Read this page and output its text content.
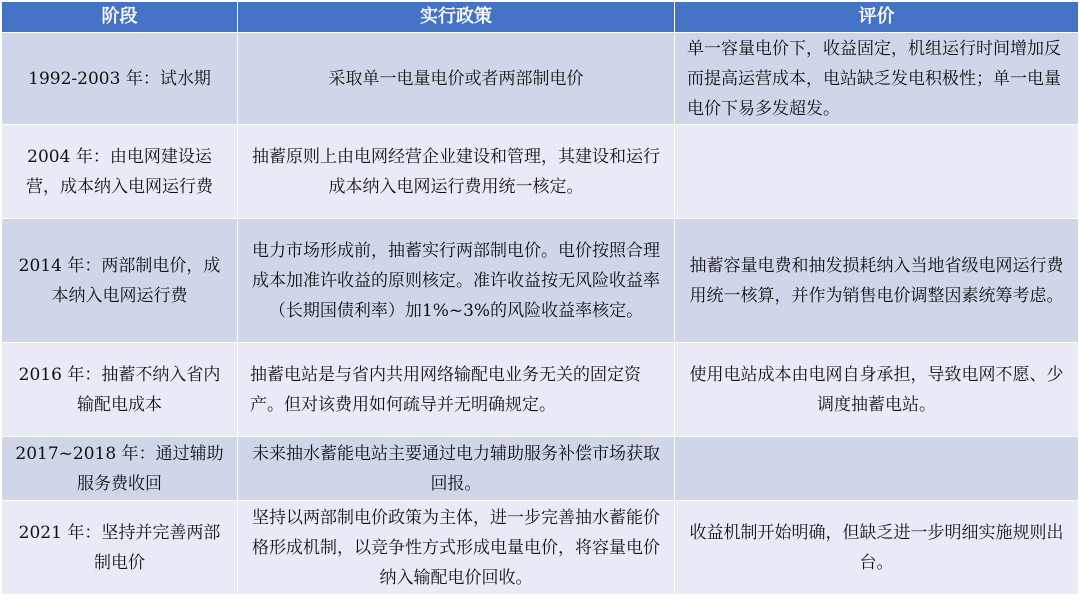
阶段	实行政策	评价
1992-2003 年：试水期	采取单一电量电价或者两部制电价	单一容量电价下，收益固定，机组运行时间增加反而提高运营成本，电站缺乏发电积极性；单一电量电价下易多发超发。
2004 年：由电网建设运营，成本纳入电网运行费	抽蓄原则上由电网经营企业建设和管理，其建设和运行成本纳入电网运行费用统一核定。	
2014 年：两部制电价，成本纳入电网运行费	电力市场形成前，抽蓄实行两部制电价。电价按照合理成本加准许收益的原则核定。准许收益按无风险收益率（长期国债利率）加1%~3%的风险收益率核定。	抽蓄容量电费和抽发损耗纳入当地省级电网运行费用统一核算，并作为销售电价调整因素统筹考虑。
2016 年：抽蓄不纳入省内输配电成本	抽蓄电站是与省内共用网络输配电业务无关的固定资产。但对该费用如何疏导并无明确规定。	使用电站成本由电网自身承担，导致电网不愿、少调度抽蓄电站。
2017~2018 年：通过辅助服务费收回	未来抽水蓄能电站主要通过电力辅助服务补偿市场获取回报。	
2021 年：坚持并完善两部制电价	坚持以两部制电价政策为主体，进一步完善抽水蓄能价格形成机制，以竞争性方式形成电量电价，将容量电价纳入输配电价回收。	收益机制开始明确，但缺乏进一步明细实施规则出台。
